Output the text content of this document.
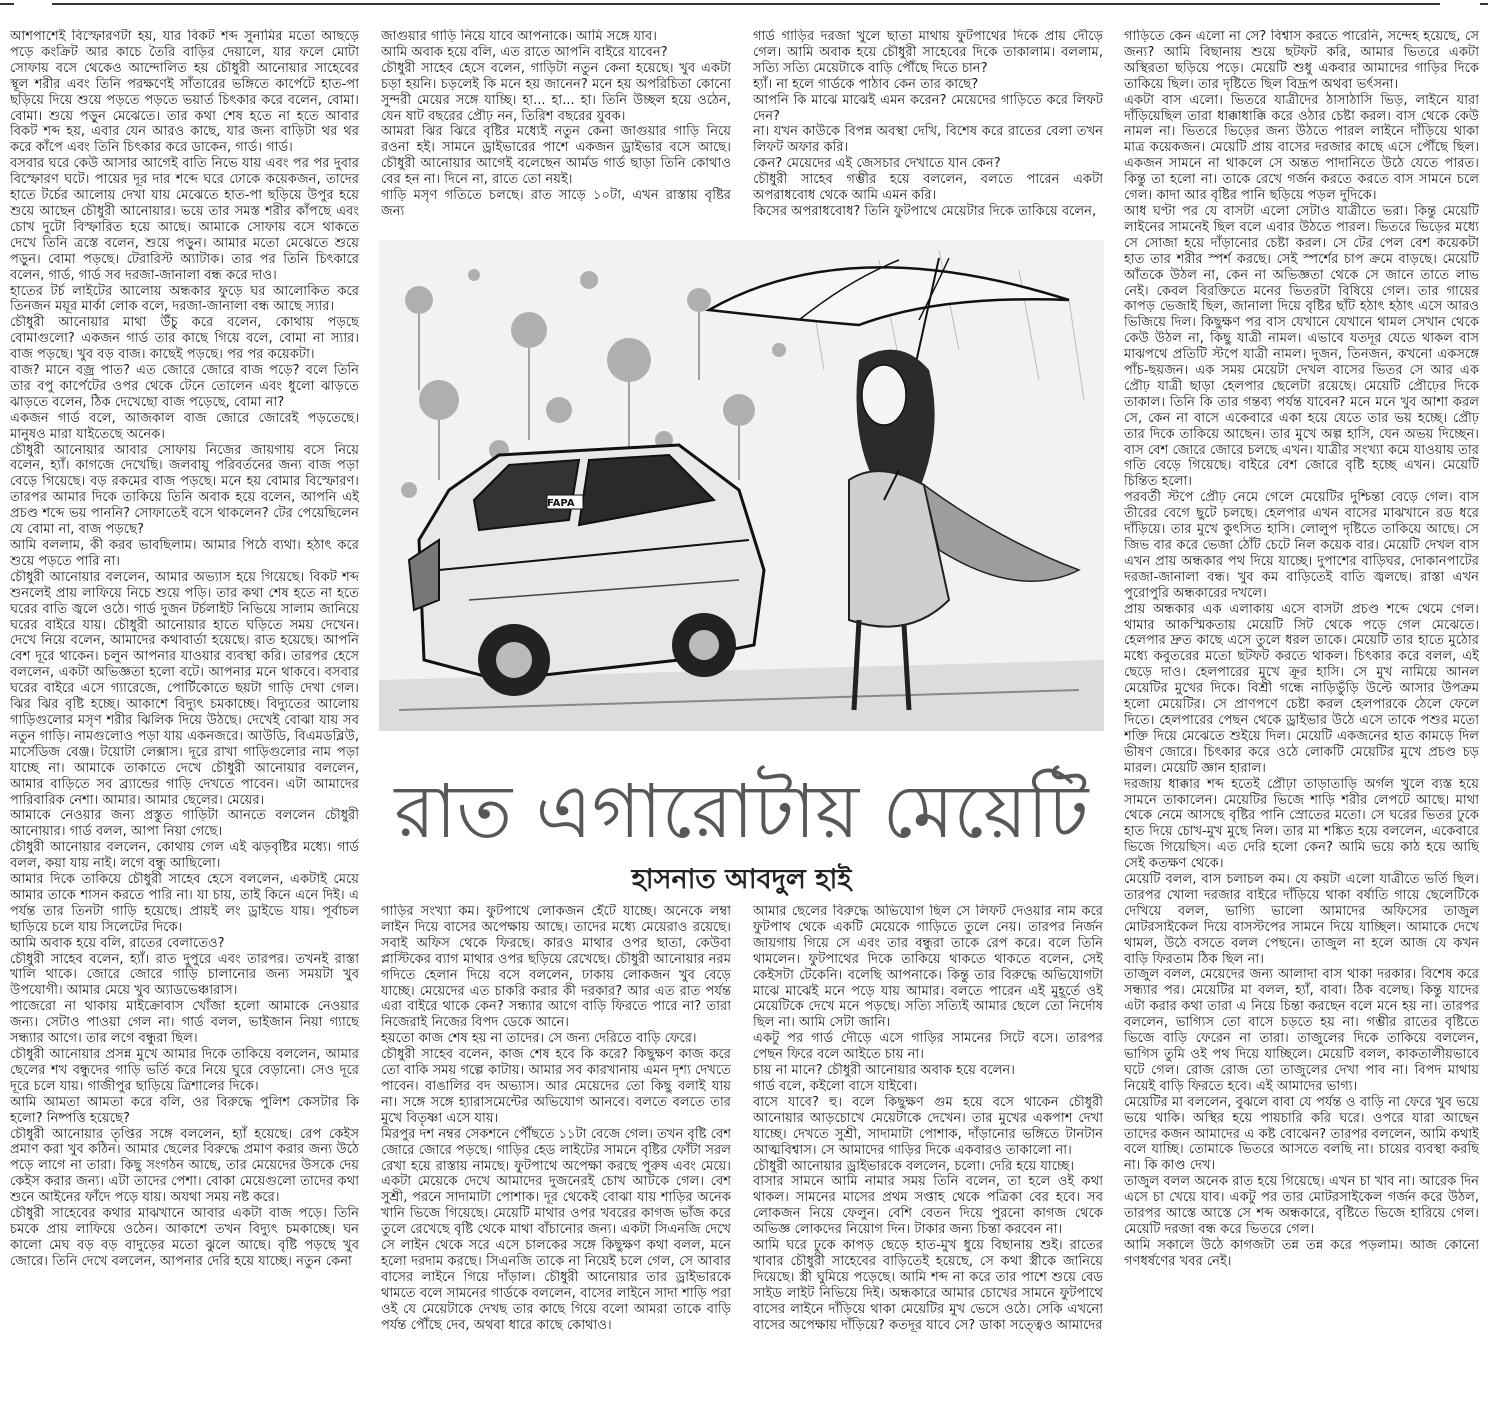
আশপাশেই বিস্ফোরণটা হয়, যার বিকট শব্দ সুনামির মতো আছড়ে পড়ে কংক্রিট আর কাচে তৈরি বাড়ির দেয়ালে, যার ফলে মোটা সোফায় বসে থেকেও আন্দোলিত হয় চৌধুরী আনোয়ার সাহেবের স্থূল শরীর এবং তিনি পরক্ষণেই সাঁতারের ভঙ্গিতে কার্পেটে হাত-পা ছড়িয়ে দিয়ে শুয়ে পড়তে পড়তে ভয়ার্ত চিৎকার করে বলেন, বোমা। বোমা। শুয়ে পড়ুন মেঝেতে। তার কথা শেষ হতে না হতে আবার বিকট শব্দ হয়, এবার যেন আরও কাছে, যার জন্য বাড়িটা থর থর করে কাঁপে এবং তিনি চিৎকার করে ডাকেন, গার্ড। গার্ড।

বসবার ঘরে কেউ আসার আগেই বাতি নিভে যায় এবং পর পর দুবার বিস্ফোরণ ঘটে। পায়ের দূর দার শব্দে ঘরে ঢোকে কয়েকজন, তাদের হাতে টর্চের আলোয় দেখা যায় মেঝেতে হাত-পা ছড়িয়ে উপুর হয়ে শুয়ে আছেন চৌধুরী আনোয়ার। ভয়ে তার সমস্ত শরীর কাঁপছে এবং চোখ দুটো বিস্ফারিত হয়ে আছে। আমাকে সোফায় বসে থাকতে দেখে তিনি ত্রস্তে বলেন, শুয়ে পড়ুন। আমার মতো মেঝেতে শুয়ে পড়ুন। বোমা পড়ছে। টেরারিস্ট অ্যাটাক। তার পর তিনি চিৎকারে বলেন, গার্ড, গার্ড সব দরজা-জানালা বন্ধ করে দাও।

হাতের টর্চ লাইটের আলোয় অন্ধকার ফুড়ে ঘর আলোকিত করে তিনজন ময়ূর মার্কা লোক বলে, দরজা-জানালা বন্ধ আছে স্যার।

চৌধুরী আনোয়ার মাথা উঁচু করে বলেন, কোথায় পড়ছে বোমাগুলো? একজন গার্ড তার কাছে গিয়ে বলে, বোমা না স্যার। বাজ পড়ছে। খুব বড় বাজ। কাছেই পড়ছে। পর পর কয়েকটা।

বাজ? মানে বজ্র পাত? এত জোরে জোরে বাজ পড়ে? বলে তিনি তার বপু কার্পেটের ওপর থেকে টেনে তোলেন এবং ধুলো ঝাড়তে ঝাড়তে বলেন, ঠিক দেখেছো বাজ পড়েছে, বোমা না?

একজন গার্ড বলে, আজকাল বাজ জোরে জোরেই পড়তেছে। মানুষও মারা যাইতেছে অনেক।

চৌধুরী আনোয়ার আবার সোফায় নিজের জায়গায় বসে নিয়ে বলেন, হ্যাঁ। কাগজে দেখেছি। জলবায়ু পরিবর্তনের জন্য বাজ পড়া বেড়ে গিয়েছে। বড় রকমের বাজ পড়ছে। মনে হয় বোমার বিস্ফোরণ। তারপর আমার দিকে তাকিয়ে তিনি অবাক হয়ে বলেন, আপনি এই প্রচণ্ড শব্দে ভয় পাননি? সোফাতেই বসে থাকলেন? টের পেয়েছিলেন যে বোমা না, বাজ পড়ছে?

আমি বললাম, কী করব ভাবছিলাম। আমার পিঠে ব্যথা। হঠাৎ করে শুয়ে পড়তে পারি না।

চৌধুরী আনোয়ার বললেন, আমার অভ্যাস হয়ে গিয়েছে। বিকট শব্দ শুনলেই প্রায় লাফিয়ে নিচে শুয়ে পড়ি। তার কথা শেষ হতে না হতে ঘরের বাতি জ্বলে ওঠে। গার্ড দুজন টর্চলাইট নিভিয়ে সালাম জানিয়ে ঘরের বাইরে যায়। চৌধুরী আনোয়ার হাতে ঘড়িতে সময় দেখেন। দেখে নিয়ে বলেন, আমাদের কথাবার্তা হয়েছে। রাত হয়েছে। আপনি বেশ দূরে থাকেন। চলুন আপনার যাওয়ার ব্যবস্থা করি। তারপর হেসে বললেন, একটা অভিজ্ঞতা হলো বটে। আপনার মনে থাকবে। বসবার ঘরের বাইরে এসে গ্যারেজে, পোর্টিকোতে ছয়টা গাড়ি দেখা গেল। ঝির ঝির বৃষ্টি হচ্ছে। আকাশে বিদ্যুৎ চমকাচ্ছে। বিদ্যুতের আলোয় গাড়িগুলোর মসৃণ শরীর ঝিলিক দিয়ে উঠছে। দেখেই বোঝা যায় সব নতুন গাড়ি। নামগুলোও পড়া যায় একনজরে। আউডি, বিএমডব্লিউ, মার্সেডিজ বেঞ্জ। টয়োটা লেক্সাস। দূরে রাখা গাড়িগুলোর নাম পড়া যাচ্ছে না। আমাকে তাকাতে দেখে চৌধুরী আনোয়ার বললেন, আমার বাড়িতে সব ব্র্যান্ডের গাড়ি দেখতে পাবেন। এটা আমাদের পারিবারিক নেশা। আমার। আমার ছেলের। মেয়ের।

আমাকে নেওয়ার জন্য প্রস্তুত গাড়িটা আনতে বললেন চৌধুরী আনোয়ার। গার্ড বলল, আপা নিয়া গেছে।

চৌধুরী আনোয়ার বললেন, কোথায় গেল এই ঝড়বৃষ্টির মধ্যে। গার্ড বলল, কয়া যায় নাই। লগে বন্ধু আছিলো।

আমার দিকে তাকিয়ে চৌধুরী সাহেব হেসে বললেন, একটাই মেয়ে আমার তাকে শাসন করতে পারি না। যা চায়, তাই কিনে এনে দিই। এ পর্যন্ত তার তিনটা গাড়ি হয়েছে। প্রায়ই লং ড্রাইভে যায়। পূর্বাচল ছাড়িয়ে চলে যায় সিলেটের দিকে।

আমি অবাক হয়ে বলি, রাতের বেলাতেও?

চৌধুরী সাহেব বলেন, হ্যাঁ। রাত দুপুরে এবং তারপর। তখনই রাস্তা খালি থাকে। জোরে জোরে গাড়ি চালানোর জন্য সময়টা খুব উপযোগী। আমার মেয়ে খুব অ্যাডভেঞ্চারাস।

পাজেরো না থাকায় মাইক্রোবাস খোঁজা হলো আমাকে নেওয়ার জন্য। সেটাও পাওয়া গেল না। গার্ড বলল, ভাইজান নিয়া গ্যাছে সন্ধ্যার আগে। তার লগে বন্ধুরা ছিল।

চৌধুরী আনোয়ার প্রসন্ন মুখে আমার দিকে তাকিয়ে বললেন, আমার ছেলের শখ বন্ধুদের গাড়ি ভর্তি করে নিয়ে ঘুরে বেড়ানো। সেও দূরে দূরে চলে যায়। গাজীপুর ছাড়িয়ে ত্রিশালের দিকে।

আমি আমতা আমতা করে বলি, ওর বিরুদ্ধে পুলিশ কেসটার কি হলো? নিষ্পত্তি হয়েছে?

চৌধুরী আনোয়ার তৃপ্তির সঙ্গে বললেন, হ্যাঁ হয়েছে। রেপ কেইস প্রমাণ করা খুব কঠিন। আমার ছেলের বিরুদ্ধে প্রমাণ করার জন্য উঠে পড়ে লাগে না তারা। কিছু সংগঠন আছে, তার মেয়েদের উসকে দেয় কেইস করার জন্য। এটা তাদের পেশা। বোকা মেয়েগুলো তাদের কথা শুনে আইনের ফাঁদে পড়ে যায়। অযথা সময় নষ্ট করে।

চৌধুরী সাহেবের কথার মাঝখানে আবার একটা বাজ পড়ে। তিনি চমকে প্রায় লাফিয়ে ওঠেন। আকাশে তখন বিদ্যুৎ চমকাচ্ছে। ঘন কালো মেঘ বড় বড় বাদুড়ের মতো ঝুলে আছে। বৃষ্টি পড়ছে খুব জোরে। তিনি দেখে বললেন, আপনার দেরি হয়ে যাচ্ছে। নতুন কেনা

জাগুয়ার গাড়ি নিয়ে যাবে আপনাকে। আমি সঙ্গে যাব।

আমি অবাক হয়ে বলি, এত রাতে আপনি বাইরে যাবেন?

চৌধুরী সাহেব হেসে বলেন, গাড়িটা নতুন কেনা হয়েছে। খুব একটা চড়া হয়নি। চড়লেই কি মনে হয় জানেন? মনে হয় অপরিচিতা কোনো সুন্দরী মেয়ের সঙ্গে যাচ্ছি। হা... হা... হা। তিনি উচ্ছল হয়ে ওঠেন, যেন ষাট বছরের প্রৌঢ় নন, তিরিশ বছরের যুবক।

আমরা ঝির ঝিরে বৃষ্টির মধ্যেই নতুন কেনা জাগুয়ার গাড়ি নিয়ে রওনা হই। সামনে ড্রাইভারের পাশে একজন ড্রাইভার বসে আছে। চৌধুরী আনোয়ার আগেই বলেছেন আর্মড গার্ড ছাড়া তিনি কোথাও বের হন না। দিনে না, রাতে তো নয়ই।

গাড়ি মসৃণ গতিতে চলছে। রাত সাড়ে ১০টা, এখন রাস্তায় বৃষ্টির জন্য

গার্ড গাড়ির দরজা খুলে ছাতা মাথায় ফুটপাথের দিকে প্রায় দৌড়ে গেল। আমি অবাক হয়ে চৌধুরী সাহেবের দিকে তাকালাম। বললাম, সত্যি সত্যি মেয়েটাকে বাড়ি পৌঁছে দিতে চান?

হ্যাঁ। না হলে গার্ডকে পাঠাব কেন তার কাছে?

আপনি কি মাঝে মাঝেই এমন করেন? মেয়েদের গাড়িতে করে লিফট দেন?

না। যখন কাউকে বিপন্ন অবস্থা দেখি, বিশেষ করে রাতের বেলা তখন লিফট অফার করি।

কেন? মেয়েদের এই জেসচার দেখাতে যান কেন?

চৌধুরী সাহেব গম্ভীর হয়ে বললেন, বলতে পারেন একটা অপরাধবোধ থেকে আমি এমন করি।

কিসের অপরাধবোধ? তিনি ফুটপাথে মেয়েটার দিকে তাকিয়ে বলেন,

FAPA
রাত এগারোটায় মেয়েটি
হাসনাত আবদুল হাই

গাড়ির সংখ্যা কম। ফুটপাথে লোকজন হেঁটে যাচ্ছে। অনেকে লম্বা লাইন দিয়ে বাসের অপেক্ষায় আছে। তাদের মধ্যে মেয়েরাও রয়েছে। সবাই অফিস থেকে ফিরছে। কারও মাথার ওপর ছাতা, কেউবা প্লাস্টিকের ব্যাগ মাথার ওপর ছড়িয়ে রেখেছে। চৌধুরী আনোয়ার নরম গদিতে হেলান দিয়ে বসে বললেন, ঢাকায় লোকজন খুব বেড়ে যাচ্ছে। মেয়েদের এত চাকরি করার কী দরকার? আর এত রাত পর্যন্ত এরা বাইরে থাকে কেন? সন্ধ্যার আগে বাড়ি ফিরতে পারে না? তারা নিজেরাই নিজের বিপদ ডেকে আনে।

হয়তো কাজ শেষ হয় না তাদের। সে জন্য দেরিতে বাড়ি ফেরে।

চৌধুরী সাহেব বলেন, কাজ শেষ হবে কি করে? কিছুক্ষণ কাজ করে তো বাকি সময় গল্পে কাটায়। আমার সব কারখানায় এমন দৃশ্য দেখতে পাবেন। বাঙালির বদ অভ্যাস। আর মেয়েদের তো কিছু বলাই যায় না। সঙ্গে সঙ্গে হ্যারাসমেন্টের অভিযোগ আনবে। বলতে বলতে তার মুখে বিতৃষ্ণা এসে যায়।

মিরপুর দশ নম্বর সেকশনে পৌঁছতে ১১টা বেজে গেল। তখন বৃষ্টি বেশ জোরে জোরে পড়ছে। গাড়ির হেড লাইটের সামনে বৃষ্টির ফোঁটা সরল রেখা হয়ে রাস্তায় নামছে। ফুটপাথে অপেক্ষা করছে পুরুষ এবং মেয়ে। একটা মেয়েকে দেখে আমাদের দুজনেরই চোখ আটকে গেল। বেশ সুশ্রী, পরনে সাদামাটা পোশাক। দূর থেকেই বোঝা যায় শাড়ির অনেক খানি ভিজে গিয়েছে। মেয়েটি মাথার ওপর খবরের কাগজ ভাঁজ করে তুলে রেখেছে বৃষ্টি থেকে মাথা বাঁচানোর জন্য। একটা সিএনজি দেখে সে লাইন থেকে সরে এসে চালকের সঙ্গে কিছুক্ষণ কথা বলল, মনে হলো দরদাম করছে। সিএনজি তাকে না নিয়েই চলে গেল, সে আবার বাসের লাইনে গিয়ে দাঁড়াল। চৌধুরী আনোয়ার তার ড্রাইভারকে থামতে বলে সামনের গার্ডকে বললেন, বাসের লাইনে সাদা শাড়ি পরা ওই যে মেয়েটাকে দেখছ তার কাছে গিয়ে বলো আমরা তাকে বাড়ি পর্যন্ত পৌঁছে দেব, অথবা ধারে কাছে কোথাও।

আমার ছেলের বিরুদ্ধে অভিযোগ ছিল সে লিফট দেওয়ার নাম করে ফুটপাথ থেকে একটি মেয়েকে গাড়িতে তুলে নেয়। তারপর নির্জন জায়গায় গিয়ে সে এবং তার বন্ধুরা তাকে রেপ করে। বলে তিনি থামলেন। ফুটপাথের দিকে তাকিয়ে থাকতে থাকতে বলেন, সেই কেইসটা টেকেনি। বলেছি আপনাকে। কিন্তু তার বিরুদ্ধে অভিযোগটা মাঝে মাঝেই মনে পড়ে যায় আমার। বলতে পারেন এই মুহূর্তে ওই মেয়েটিকে দেখে মনে পড়ছে। সত্যি সত্যিই আমার ছেলে তো নির্দোষ ছিল না। আমি সেটা জানি।

একটু পর গার্ড দৌড়ে এসে গাড়ির সামনের সিটে বসে। তারপর পেছন ফিরে বলে আইতে চায় না।

চায় না মানে? চৌধুরী আনোয়ার অবাক হয়ে বলেন।

গার্ড বলে, কইলো বাসে যাইবো।

বাসে যাবে? হু। বলে কিছুক্ষণ গুম হয়ে বসে থাকেন চৌধুরী আনোয়ার আড়চোখে মেয়েটাকে দেখেন। তার মুখের একপাশ দেখা যাচ্ছে। দেখতে সুশ্রী, সাদামাটা পোশাক, দাঁড়ানোর ভঙ্গিতে টানটান আত্মবিশ্বাস। সে আমাদের গাড়ির দিকে একবারও তাকালো না।

চৌধুরী আনোয়ার ড্রাইভারকে বললেন, চলো। দেরি হয়ে যাচ্ছে।

বাসার সামনে আমি নামার সময় তিনি বলেন, তা হলে ওই কথা থাকল। সামনের মাসের প্রথম সপ্তাহ থেকে পত্রিকা বের হবে। সব লোকজন নিয়ে ফেলুন। বেশি বেতন দিয়ে পুরনো কাগজ থেকে অভিজ্ঞ লোকদের নিয়োগ দিন। টাকার জন্য চিন্তা করবেন না।

আমি ঘরে ঢুকে কাপড় ছেড়ে হাত-মুখ ধুয়ে বিছানায় শুই। রাতের খাবার চৌধুরী সাহেবের বাড়িতেই হয়েছে, সে কথা স্ত্রীকে জানিয়ে দিয়েছে। স্ত্রী ঘুমিয়ে পড়েছে। আমি শব্দ না করে তার পাশে শুয়ে বেড সাইড লাইট নিভিয়ে দিই। অন্ধকারে আমার চোখের সামনে ফুটপাথে বাসের লাইনে দাঁড়িয়ে থাকা মেয়েটির মুখ ভেসে ওঠে। সেকি এখনো বাসের অপেক্ষায় দাঁড়িয়ে? কতদূর যাবে সে? ডাকা সত্ত্বেও আমাদের

গাড়িতে কেন এলো না সে? বিশ্বাস করতে পারেনি, সন্দেহ হয়েছে, সে জন্য? আমি বিছানায় শুয়ে ছটফট করি, আমার ভিতরে একটা অস্থিরতা ছড়িয়ে পড়ে। মেয়েটি শুধু একবার আমাদের গাড়ির দিকে তাকিয়ে ছিল। তার দৃষ্টিতে ছিল বিদ্রূপ অথবা ভর্ৎসনা।

একটা বাস এলো। ভিতরে যাত্রীদের ঠাসাঠাসি ভিড়, লাইনে যারা দাঁড়িয়েছিল তারা ধাক্কাধাক্কি করে ওঠার চেষ্টা করল। বাস থেকে কেউ নামল না। ভিতরে ভিড়ের জন্য উঠতে পারল লাইনে দাঁড়িয়ে থাকা মাত্র কয়েকজন। মেয়েটি প্রায় বাসের দরজার কাছে এসে পৌঁছে ছিল। একজন সামনে না থাকলে সে অন্তত পাদানিতে উঠে যেতে পারত। কিন্তু তা হলো না। তাকে রেখে গর্জন করতে করতে বাস সামনে চলে গেল। কাদা আর বৃষ্টির পানি ছড়িয়ে পড়ল দুদিকে।

আধ ঘণ্টা পর যে বাসটা এলো সেটাও যাত্রীতে ভরা। কিন্তু মেয়েটি লাইনের সামনেই ছিল বলে এবার উঠতে পারল। ভিতরে ভিড়ের মধ্যে সে সোজা হয়ে দাঁড়ানোর চেষ্টা করল। সে টের পেল বেশ কয়েকটা হাত তার শরীর স্পর্শ করছে। সেই স্পর্শের চাপ ক্রমে বাড়ছে। মেয়েটি আঁতকে উঠল না, কেন না অভিজ্ঞতা থেকে সে জানে তাতে লাভ নেই। কেবল বিরক্তিতে মনের ভিতরটা বিষিয়ে গেল। তার গায়ের কাপড় ভেজাই ছিল, জানালা দিয়ে বৃষ্টির ছাঁট হঠাৎ হঠাৎ এসে আরও ভিজিয়ে দিল। কিছুক্ষণ পর বাস যেখানে যেখানে থামল সেখান থেকে কেউ উঠল না, কিছু যাত্রী নামল। এভাবে যতদূর যেতে থাকল বাস মাঝপথে প্রতিটি স্টপে যাত্রী নামল। দুজন, তিনজন, কখনো একসঙ্গে পাঁচ-ছয়জন। এক সময় মেয়েটা দেখল বাসের ভিতর সে আর এক প্রৌঢ় যাত্রী ছাড়া হেলপার ছেলেটা রয়েছে। মেয়েটি প্রৌঢ়ের দিকে তাকাল। তিনি কি তার গন্তব্য পর্যন্ত যাবেন? মনে মনে খুব আশা করল সে, কেন না বাসে একেবারে একা হয়ে যেতে তার ভয় হচ্ছে। প্রৌঢ় তার দিকে তাকিয়ে আছেন। তার মুখে অল্প হাসি, যেন অভয় দিচ্ছেন। বাস বেশ জোরে জোরে চলছে এখন। যাত্রীর সংখ্যা কমে যাওয়ায় তার গতি বেড়ে গিয়েছে। বাইরে বেশ জোরে বৃষ্টি হচ্ছে এখন। মেয়েটি চিন্তিত হলো।

পরবর্তী স্টপে প্রৌঢ় নেমে গেলে মেয়েটির দুশ্চিন্তা বেড়ে গেল। বাস তীরের বেগে ছুটে চলছে। হেলপার এখন বাসের মাঝখানে রড ধরে দাঁড়িয়ে। তার মুখে কুৎসিত হাসি। লোলুপ দৃষ্টিতে তাকিয়ে আছে। সে জিভ বার করে ভেজা ঠোঁট চেটে নিল কয়েক বার। মেয়েটি দেখল বাস এখন প্রায় অন্ধকার পথ দিয়ে যাচ্ছে। দুপাশের বাড়িঘর, দোকানপাটের দরজা-জানালা বন্ধ। খুব কম বাড়িতেই বাতি জ্বলছে। রাস্তা এখন পুরোপুরি অন্ধকারের দখলে।

প্রায় অন্ধকার এক এলাকায় এসে বাসটা প্রচণ্ড শব্দে থেমে গেল। থামার আকস্মিকতায় মেয়েটি সিট থেকে পড়ে গেল মেঝেতে। হেলপার দ্রুত কাছে এসে তুলে ধরল তাকে। মেয়েটি তার হাতে মুঠোর মধ্যে কবুতরের মতো ছটফট করতে থাকল। চিৎকার করে বলল, এই ছেড়ে দাও। হেলপারের মুখে ক্রূর হাসি। সে মুখ নামিয়ে আনল মেয়েটির মুখের দিকে। বিশ্রী গন্ধে নাড়িভুঁড়ি উল্টে আসার উপক্রম হলো মেয়েটির। সে প্রাণপণে চেষ্টা করল হেলপারকে ঠেলে ফেলে দিতে। হেলপারের পেছন থেকে ড্রাইভার উঠে এসে তাকে পশুর মতো শক্তি দিয়ে মেঝেতে শুইয়ে দিল। মেয়েটি একজনের হাত কামড়ে দিল ভীষণ জোরে। চিৎকার করে ওঠে লোকটি মেয়েটির মুখে প্রচণ্ড চড় মারল। মেয়েটি জ্ঞান হারাল।

দরজায় ধাক্কার শব্দ হতেই প্রৌঢ়া তাড়াতাড়ি অর্গল খুলে ব্যস্ত হয়ে সামনে তাকালেন। মেয়েটির ভিজে শাড়ি শরীর লেপটে আছে। মাথা থেকে নেমে আসছে বৃষ্টির পানি স্রোতের মতো। সে ঘরের ভিতর ঢুকে হাত দিয়ে চোখ-মুখ মুছে নিল। তার মা শঙ্কিত হয়ে বললেন, একেবারে ভিজে গিয়েছিস। এত দেরি হলো কেন? আমি ভয়ে কাঠ হয়ে আছি সেই কতক্ষণ থেকে।

মেয়েটি বলল, বাস চলাচল কম। যে কয়টা এলো যাত্রীতে ভর্তি ছিল। তারপর খোলা দরজার বাইরে দাঁড়িয়ে থাকা বর্ষাতি গায়ে ছেলেটিকে দেখিয়ে বলল, ভাগ্যি ভালো আমাদের অফিসের তাজুল মোটরসাইকেল দিয়ে বাসস্টপের সামনে দিয়ে যাচ্ছিল। আমাকে দেখে থামল, উঠে বসতে বলল পেছনে। তাজুল না হলে আজ যে কখন বাড়ি ফিরতাম ঠিক ছিল না।

তাজুল বলল, মেয়েদের জন্য আলাদা বাস থাকা দরকার। বিশেষ করে সন্ধ্যার পর। মেয়েটির মা বলল, হ্যাঁ, বাবা। ঠিক বলেছ। কিন্তু যাদের এটা করার কথা তারা এ নিয়ে চিন্তা করছেন বলে মনে হয় না। তারপর বললেন, ভাগ্যিস তো বাসে চড়তে হয় না। গম্ভীর রাতের বৃষ্টিতে ভিজে বাড়ি ফেরেন না তারা। তাজুলের দিকে তাকিয়ে বললেন, ভাগিস তুমি ওই পথ দিয়ে যাচ্ছিলে। মেয়েটি বলল, কাকতালীয়ভাবে ঘটে গেল। রোজ রোজ তো তাজুলের দেখা পাব না। বিপদ মাথায় নিয়েই বাড়ি ফিরতে হবে। এই আমাদের ভাগ্য।

মেয়েটির মা বললেন, বুঝলে বাবা যে পর্যন্ত ও বাড়ি না ফেরে খুব ভয়ে ভয়ে থাকি। অস্থির হয়ে পায়চারি করি ঘরে। ওপরে যারা আছেন তাদের কজন আমাদের এ কষ্ট বোঝেন? তারপর বললেন, আমি কথাই বলে যাচ্ছি। তোমাকে ভিতরে আসতে বলছি না। চায়ের ব্যবস্থা করছি না। কি কাণ্ড দেখ।

তাজুল বলল অনেক রাত হয়ে গিয়েছে। এখন চা খাব না। আরেক দিন এসে চা খেয়ে যাব। একটু পর তার মোটরসাইকেল গর্জন করে উঠল, তারপর আস্তে আস্তে সে শব্দ অন্ধকারে, বৃষ্টিতে ভিজে হারিয়ে গেল। মেয়েটি দরজা বন্ধ করে ভিতরে গেল।

আমি সকালে উঠে কাগজটা তন্ন তন্ন করে পড়লাম। আজ কোনো গণধর্ষণের খবর নেই।
